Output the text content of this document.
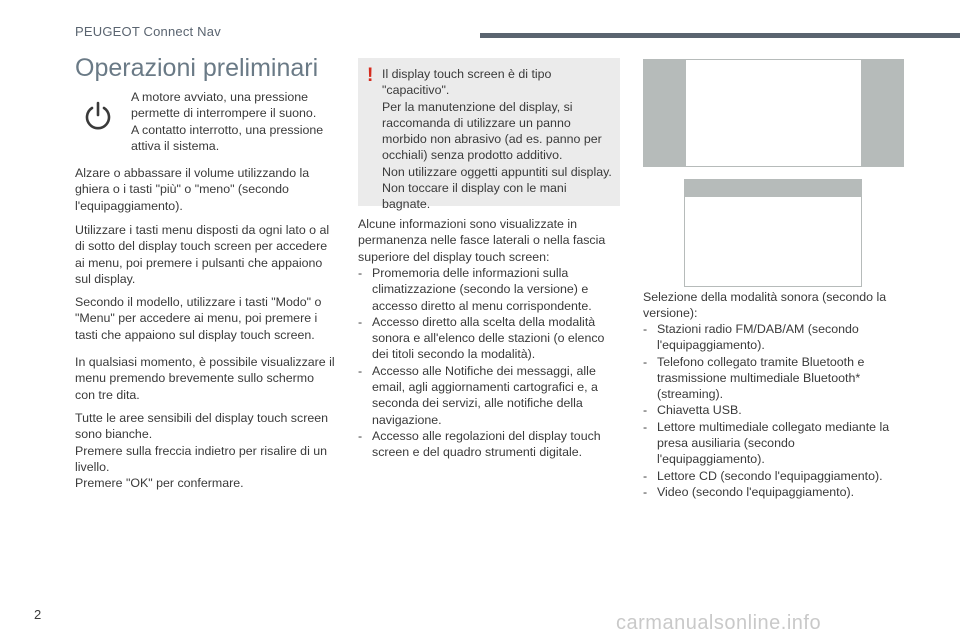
PEUGEOT Connect Nav
Operazioni preliminari
A motore avviato, una pressione permette di interrompere il suono.
A contatto interrotto, una pressione attiva il sistema.
Alzare o abbassare il volume utilizzando la ghiera o i tasti "più" o "meno" (secondo l'equipaggiamento).
Utilizzare i tasti menu disposti da ogni lato o al di sotto del display touch screen per accedere ai menu, poi premere i pulsanti che appaiono sul display.
Secondo il modello, utilizzare i tasti "Modo" o "Menu" per accedere ai menu, poi premere i tasti che appaiono sul display touch screen.
In qualsiasi momento, è possibile visualizzare il menu premendo brevemente sullo schermo con tre dita.
Tutte le aree sensibili del display touch screen sono bianche.
Premere sulla freccia indietro per risalire di un livello.
Premere "OK" per confermare.
! Il display touch screen è di tipo "capacitivo".
Per la manutenzione del display, si raccomanda di utilizzare un panno morbido non abrasivo (ad es. panno per occhiali) senza prodotto additivo.
Non utilizzare oggetti appuntiti sul display.
Non toccare il display con le mani bagnate.
Alcune informazioni sono visualizzate in permanenza nelle fasce laterali o nella fascia superiore del display touch screen:
- Promemoria delle informazioni sulla climatizzazione (secondo la versione) e accesso diretto al menu corrispondente.
- Accesso diretto alla scelta della modalità sonora e all'elenco delle stazioni (o elenco dei titoli secondo la modalità).
- Accesso alle Notifiche dei messaggi, alle email, agli aggiornamenti cartografici e, a seconda dei servizi, alle notifiche della navigazione.
- Accesso alle regolazioni del display touch screen e del quadro strumenti digitale.
Selezione della modalità sonora (secondo la versione):
- Stazioni radio FM/DAB/AM (secondo l'equipaggiamento).
- Telefono collegato tramite Bluetooth e trasmissione multimediale Bluetooth* (streaming).
- Chiavetta USB.
- Lettore multimediale collegato mediante la presa ausiliaria (secondo l'equipaggiamento).
- Lettore CD (secondo l'equipaggiamento).
- Video (secondo l'equipaggiamento).
2	carmanualsonline.info
